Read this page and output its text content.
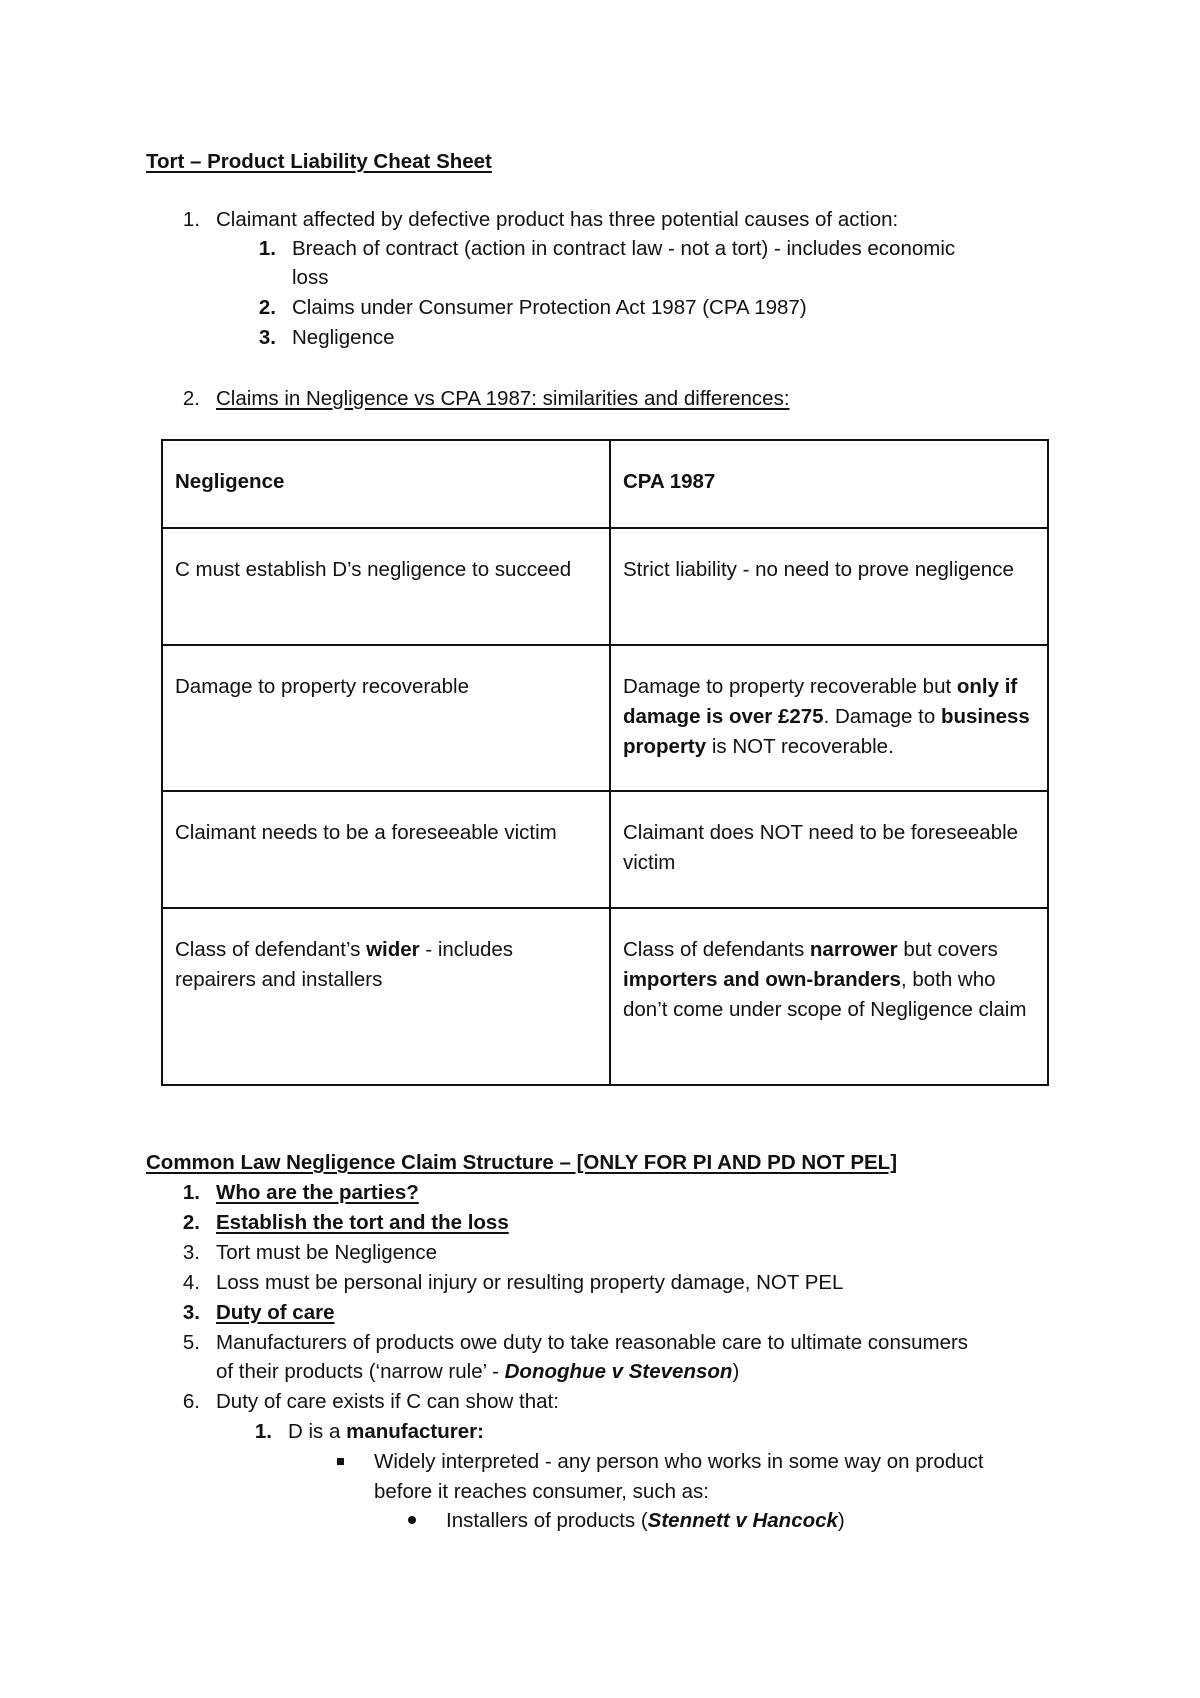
Tort – Product Liability Cheat Sheet
1. Claimant affected by defective product has three potential causes of action:
1. Breach of contract (action in contract law - not a tort) - includes economic
loss
2. Claims under Consumer Protection Act 1987 (CPA 1987)
3. Negligence
2. Claims in Negligence vs CPA 1987: similarities and differences:
Negligence	CPA 1987
C must establish D’s negligence to succeed	Strict liability - no need to prove negligence
Damage to property recoverable	Damage to property recoverable but only if damage is over £275. Damage to business property is NOT recoverable.
Claimant needs to be a foreseeable victim	Claimant does NOT need to be foreseeable victim
Class of defendant’s wider - includes repairers and installers	Class of defendants narrower but covers importers and own-branders, both who don’t come under scope of Negligence claim
Common Law Negligence Claim Structure – [ONLY FOR PI AND PD NOT PEL]
1. Who are the parties?
2. Establish the tort and the loss
3. Tort must be Negligence
4. Loss must be personal injury or resulting property damage, NOT PEL
3. Duty of care
5. Manufacturers of products owe duty to take reasonable care to ultimate consumers
of their products (‘narrow rule’ - Donoghue v Stevenson)
6. Duty of care exists if C can show that:
1. D is a manufacturer:
Widely interpreted - any person who works in some way on product
before it reaches consumer, such as:
Installers of products (Stennett v Hancock)
